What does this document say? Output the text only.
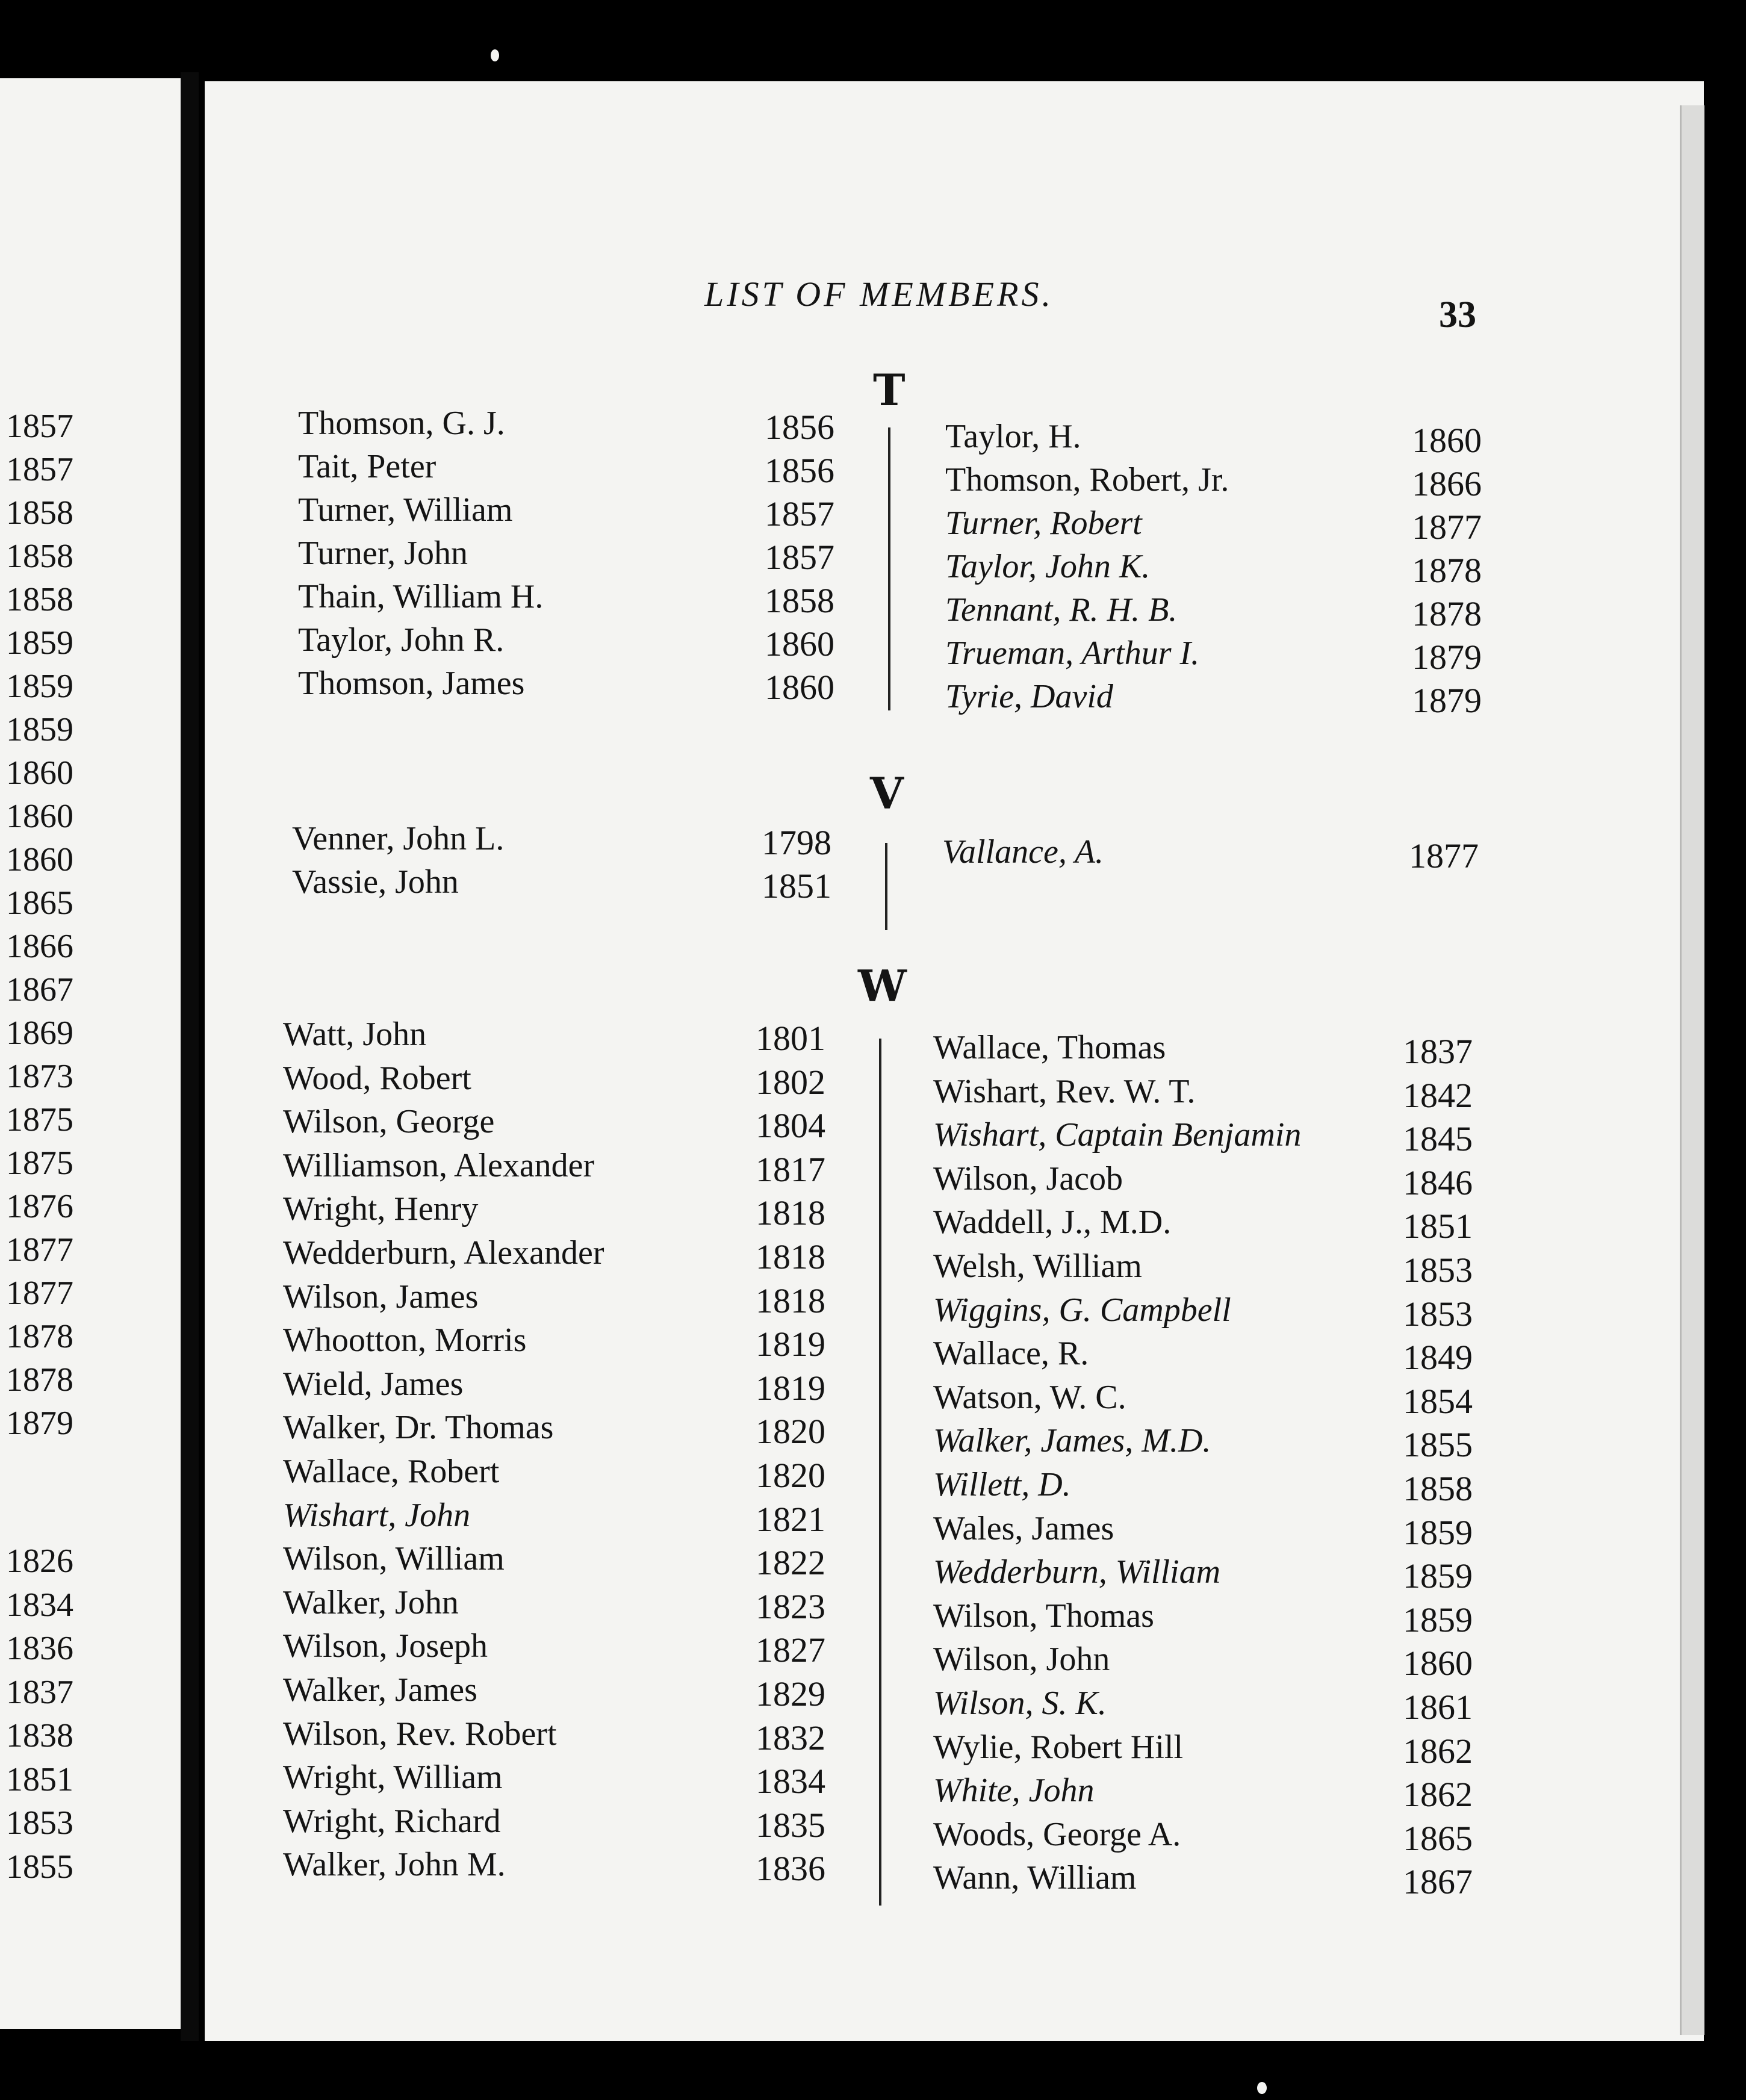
LIST OF MEMBERS.
33
1857
1857
1858
1858
1858
1859
1859
1859
1860
1860
1860
1865
1866
1867
1869
1873
1875
1875
1876
1877
1877
1878
1878
1879
1826
1834
1836
1837
1838
1851
1853
1855
T
Thomson, G. J.	1856
Tait, Peter	1856
Turner, William	1857
Turner, John	1857
Thain, William H.	1858
Taylor, John R.	1860
Thomson, James	1860
Taylor, H.	1860
Thomson, Robert, Jr.	1866
Turner, Robert	1877
Taylor, John K.	1878
Tennant, R. H. B.	1878
Trueman, Arthur I.	1879
Tyrie, David	1879
V
Venner, John L.	1798
Vassie, John	1851
Vallance, A.	1877
W
Watt, John	1801
Wood, Robert	1802
Wilson, George	1804
Williamson, Alexander	1817
Wright, Henry	1818
Wedderburn, Alexander	1818
Wilson, James	1818
Whootton, Morris	1819
Wield, James	1819
Walker, Dr. Thomas	1820
Wallace, Robert	1820
Wishart, John	1821
Wilson, William	1822
Walker, John	1823
Wilson, Joseph	1827
Walker, James	1829
Wilson, Rev. Robert	1832
Wright, William	1834
Wright, Richard	1835
Walker, John M.	1836
Wallace, Thomas	1837
Wishart, Rev. W. T.	1842
Wishart, Captain Benjamin	1845
Wilson, Jacob	1846
Waddell, J., M.D.	1851
Welsh, William	1853
Wiggins, G. Campbell	1853
Wallace, R.	1849
Watson, W. C.	1854
Walker, James, M.D.	1855
Willett, D.	1858
Wales, James	1859
Wedderburn, William	1859
Wilson, Thomas	1859
Wilson, John	1860
Wilson, S. K.	1861
Wylie, Robert Hill	1862
White, John	1862
Woods, George A.	1865
Wann, William	1867
